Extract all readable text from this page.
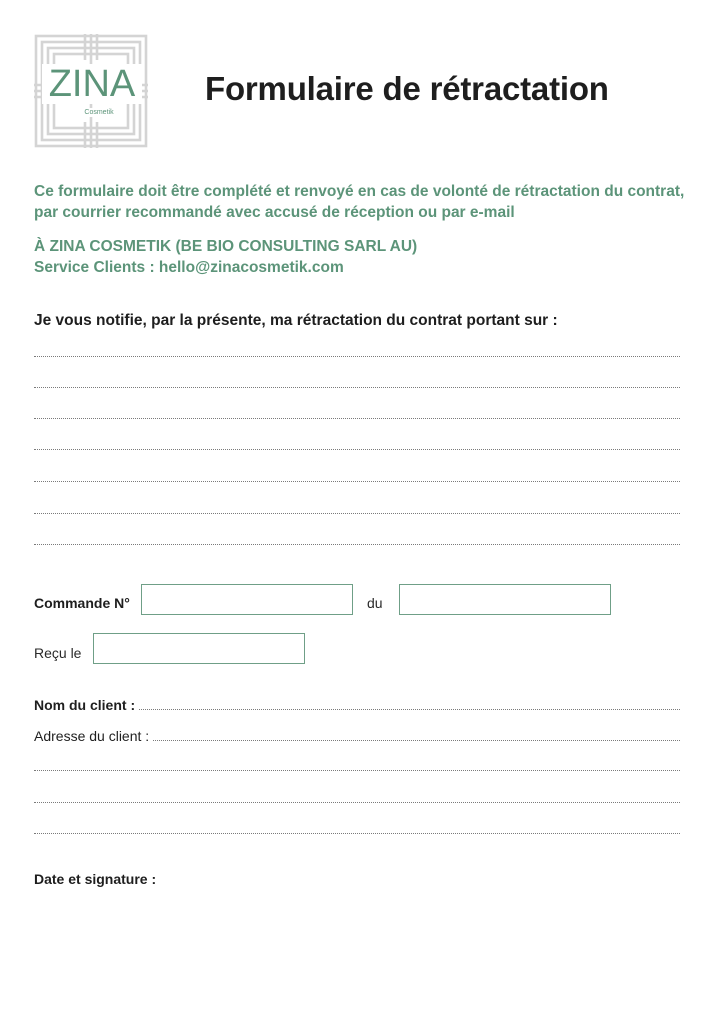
ZINA
Cosmetik
Formulaire de rétractation

Ce formulaire doit être complété et renvoyé en cas de volonté de rétractation du contrat, par courrier recommandé avec accusé de réception ou par e-mail

À ZINA COSMETIK (BE BIO CONSULTING SARL AU)
Service Clients : hello@zinacosmetik.com

Je vous notifie, par la présente, ma rétractation du contrat portant sur :

Commande N°	du
Reçu le
Nom du client :
Adresse du client :
Date et signature :
